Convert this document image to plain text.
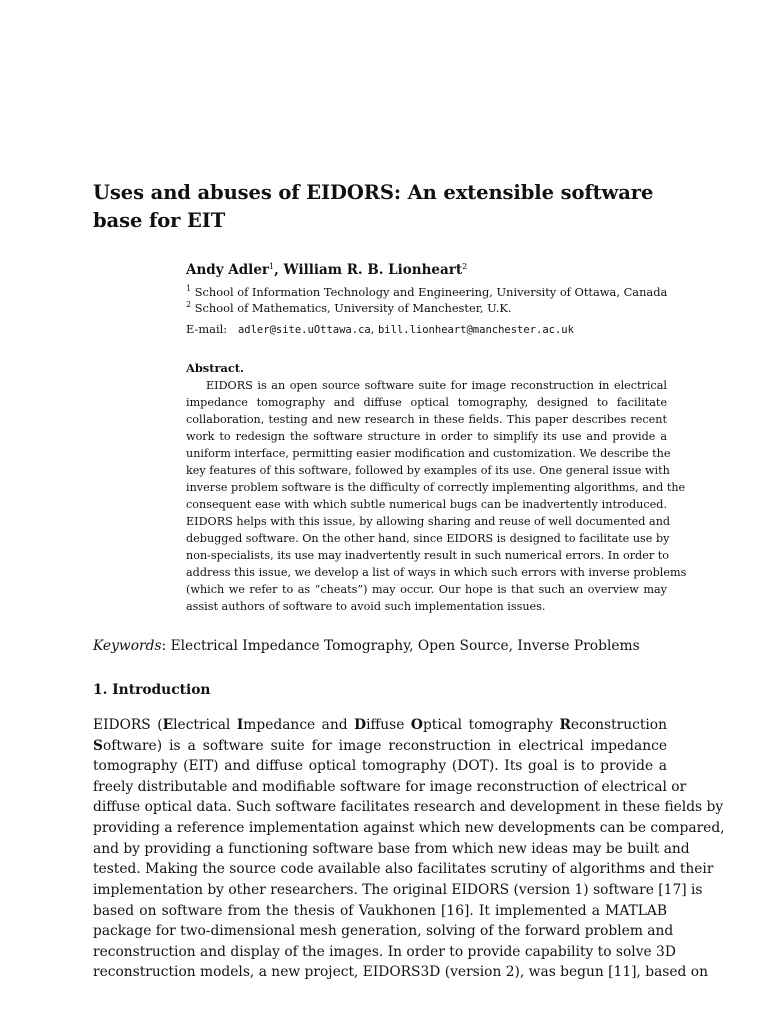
Uses and abuses of EIDORS: An extensible software
base for EIT
Andy Adler$^1$, William R. B. Lionheart$^2$
$^1$ School of Information Technology and Engineering, University of Ottawa, Canada
$^2$ School of Mathematics, University of Manchester, U.K.
E-mail: adler@site.uOttawa.ca, bill.lionheart@manchester.ac.uk
Abstract.
EIDORS is an open source software suite for image reconstruction in electrical
impedance tomography and diffuse optical tomography, designed to facilitate
collaboration, testing and new research in these fields. This paper describes recent
work to redesign the software structure in order to simplify its use and provide a
uniform interface, permitting easier modification and customization. We describe the
key features of this software, followed by examples of its use. One general issue with
inverse problem software is the difficulty of correctly implementing algorithms, and the
consequent ease with which subtle numerical bugs can be inadvertently introduced.
EIDORS helps with this issue, by allowing sharing and reuse of well documented and
debugged software. On the other hand, since EIDORS is designed to facilitate use by
non-specialists, its use may inadvertently result in such numerical errors. In order to
address this issue, we develop a list of ways in which such errors with inverse problems
(which we refer to as “cheats”) may occur. Our hope is that such an overview may
assist authors of software to avoid such implementation issues.
Keywords: Electrical Impedance Tomography, Open Source, Inverse Problems
1. Introduction
EIDORS (Electrical Impedance and Diffuse Optical tomography Reconstruction
Software) is a software suite for image reconstruction in electrical impedance
tomography (EIT) and diffuse optical tomography (DOT). Its goal is to provide a
freely distributable and modifiable software for image reconstruction of electrical or
diffuse optical data. Such software facilitates research and development in these fields by
providing a reference implementation against which new developments can be compared,
and by providing a functioning software base from which new ideas may be built and
tested. Making the source code available also facilitates scrutiny of algorithms and their
implementation by other researchers. The original EIDORS (version 1) software [17] is
based on software from the thesis of Vaukhonen [16]. It implemented a MATLAB
package for two-dimensional mesh generation, solving of the forward problem and
reconstruction and display of the images. In order to provide capability to solve 3D
reconstruction models, a new project, EIDORS3D (version 2), was begun [11], based on
